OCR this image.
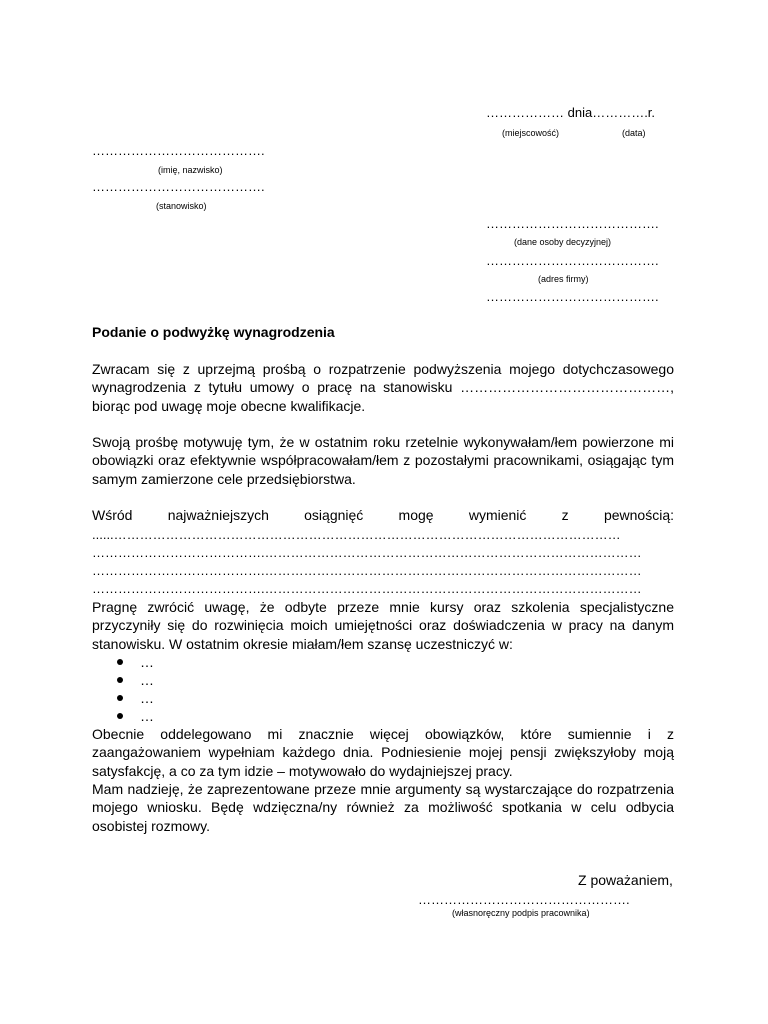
……………… dnia………….r.
(miejscowość)	(data)
………………………………….
(imię, nazwisko)
………………………………….
(stanowisko)
………………………………….
(dane osoby decyzyjnej)
………………………………….
(adres firmy)
………………………………….
Podanie o podwyżkę wynagrodzenia
Zwracam się z uprzejmą prośbą o rozpatrzenie podwyższenia mojego dotychczasowego wynagrodzenia z tytułu umowy o pracę na stanowisku ………………………………………, biorąc pod uwagę moje obecne kwalifikacje.
Swoją prośbę motywuję tym, że w ostatnim roku rzetelnie wykonywałam/łem powierzone mi obowiązki oraz efektywnie współpracowałam/łem z pozostałymi pracownikami, osiągając tym samym zamierzone cele przedsiębiorstwa.
Wśród najważniejszych osiągnięć mogę wymienić z pewnością:
......………………………………………………………………………………………………………
………………………………….……………………………………………………………………………
………………………………….……………………………………………………………………………
………………………………….……………………………………………………………………………
Pragnę zwrócić uwagę, że odbyte przeze mnie kursy oraz szkolenia specjalistyczne przyczyniły się do rozwinięcia moich umiejętności oraz doświadczenia w pracy na danym stanowisku. W ostatnim okresie miałam/łem szansę uczestniczyć w:
…
…
…
…
Obecnie oddelegowano mi znacznie więcej obowiązków, które sumiennie i z zaangażowaniem wypełniam każdego dnia. Podniesienie mojej pensji zwiększyłoby moją satysfakcję, a co za tym idzie – motywowało do wydajniejszej pracy.
Mam nadzieję, że zaprezentowane przeze mnie argumenty są wystarczające do rozpatrzenia mojego wniosku. Będę wdzięczna/ny również za możliwość spotkania w celu odbycia osobistej rozmowy.
Z poważaniem,
………………………………………….
(własnoręczny podpis pracownika)
